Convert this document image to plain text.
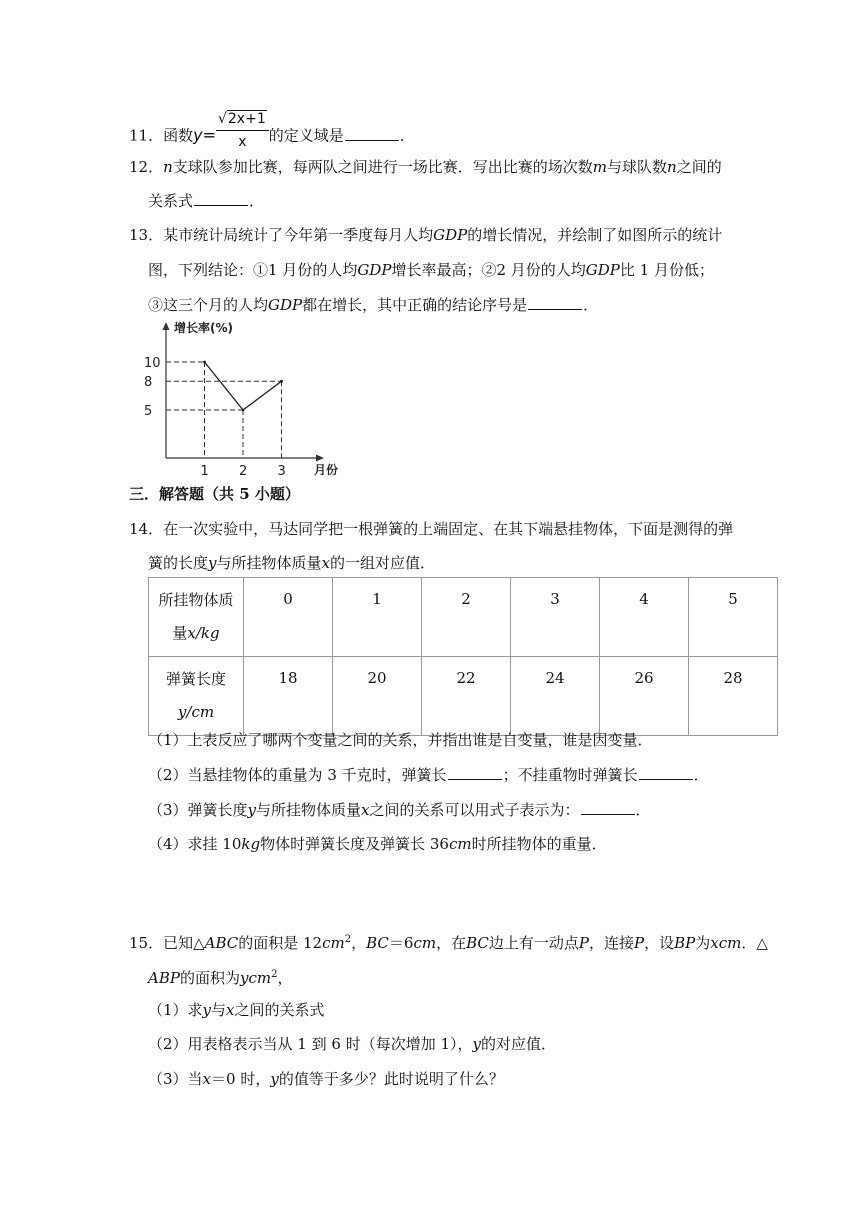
11．函数$y= \frac{√2x+1}{x}$ 的定义域是	．
12．n支球队参加比赛，每两队之间进行一场比赛．写出比赛的场次数m与球队数n之间的
关系式	．
13．某市统计局统计了今年第一季度每月人均GDP的增长情况，并绘制了如图所示的统计
图，下列结论：①1 月份的人均GDP增长率最高；②2 月份的人均GDP比 1 月份低；
③这三个月的人均GDP都在增长，其中正确的结论序号是	．
增长率(%)
月份
1 2 3
10
8
5
三．解答题（共 5 小题）
14．在一次实验中，马达同学把一根弹簧的上端固定、在其下端悬挂物体，下面是测得的弹
簧的长度y与所挂物体质量x的一组对应值．
所挂物体质
量x/kg	0	1	2	3	4	5
弹簧长度
y/cm	18	20	22	24	26	28
（1）上表反应了哪两个变量之间的关系，并指出谁是自变量，谁是因变量．
（2）当悬挂物体的重量为 3 千克时，弹簧长	；不挂重物时弹簧长	．
（3）弹簧长度y与所挂物体质量x之间的关系可以用式子表示为：	．
（4）求挂 10kg物体时弹簧长度及弹簧长 36cm时所挂物体的重量．
15．已知△ABC的面积是 $12cm^2$，BC＝6cm，在BC边上有一动点P，连接P，设BP为xcm．△
ABP的面积为ycm$^2$，
（1）求y与x之间的关系式
（2）用表格表示当从 1 到 6 时（每次增加 1），y的对应值．
（3）当x＝0 时，y的值等于多少？此时说明了什么？
